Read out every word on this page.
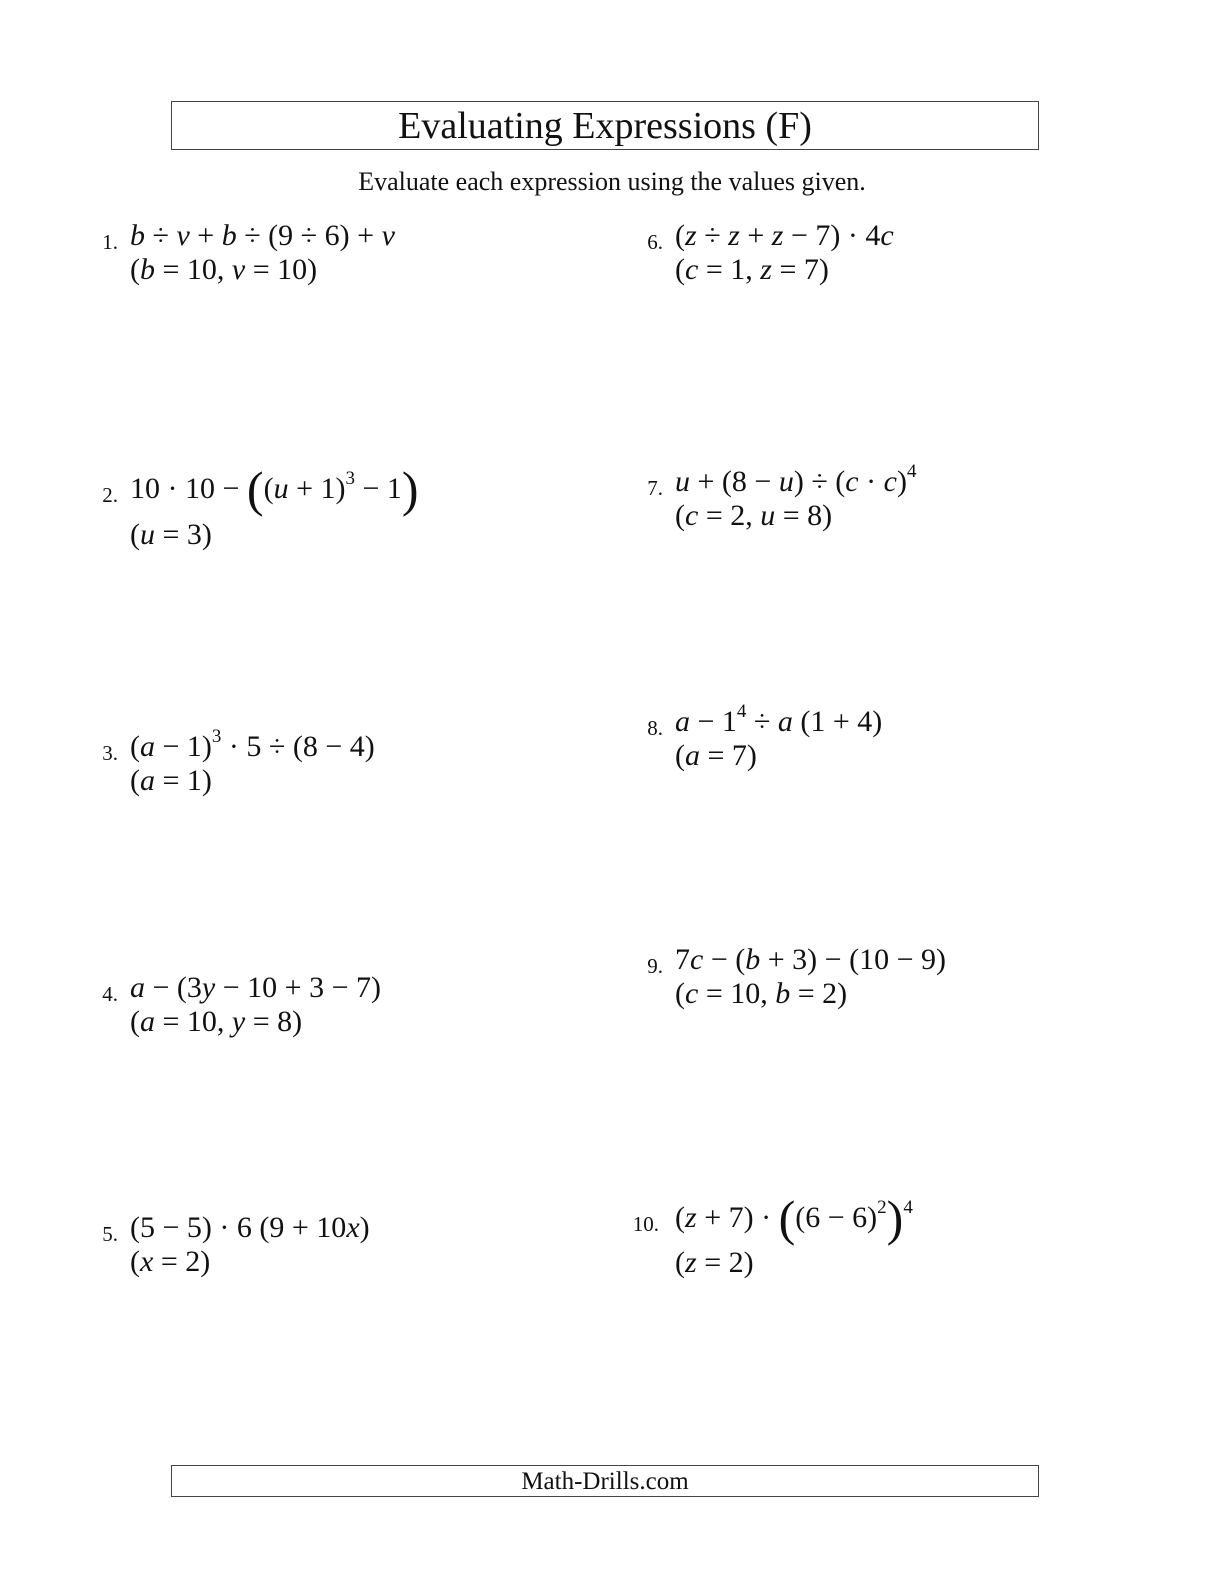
Evaluating Expressions (F)
Evaluate each expression using the values given.
1. b ÷ v + b ÷ (9 ÷ 6) + v
(b = 10, v = 10)
2. $10 \cdot 10 - ((u + 1)^3 - 1)$
(u = 3)
3. $(a - 1)^3 \cdot 5 \div (8 - 4)$
(a = 1)
4. a − (3y − 10 + 3 − 7)
(a = 10, y = 8)
5. (5 − 5) · 6 (9 + 10x)
(x = 2)
6. (z ÷ z + z − 7) · 4c
(c = 1, z = 7)
7. $u + (8 - u) \div (c \cdot c)^4$
(c = 2, u = 8)
8. $a - 1^4 \div a$ (1 + 4)
(a = 7)
9. 7c − (b + 3) − (10 − 9)
(c = 10, b = 2)
10. $(z + 7) \cdot ((6 - 6)^2)^4$
(z = 2)
Math-Drills.com
